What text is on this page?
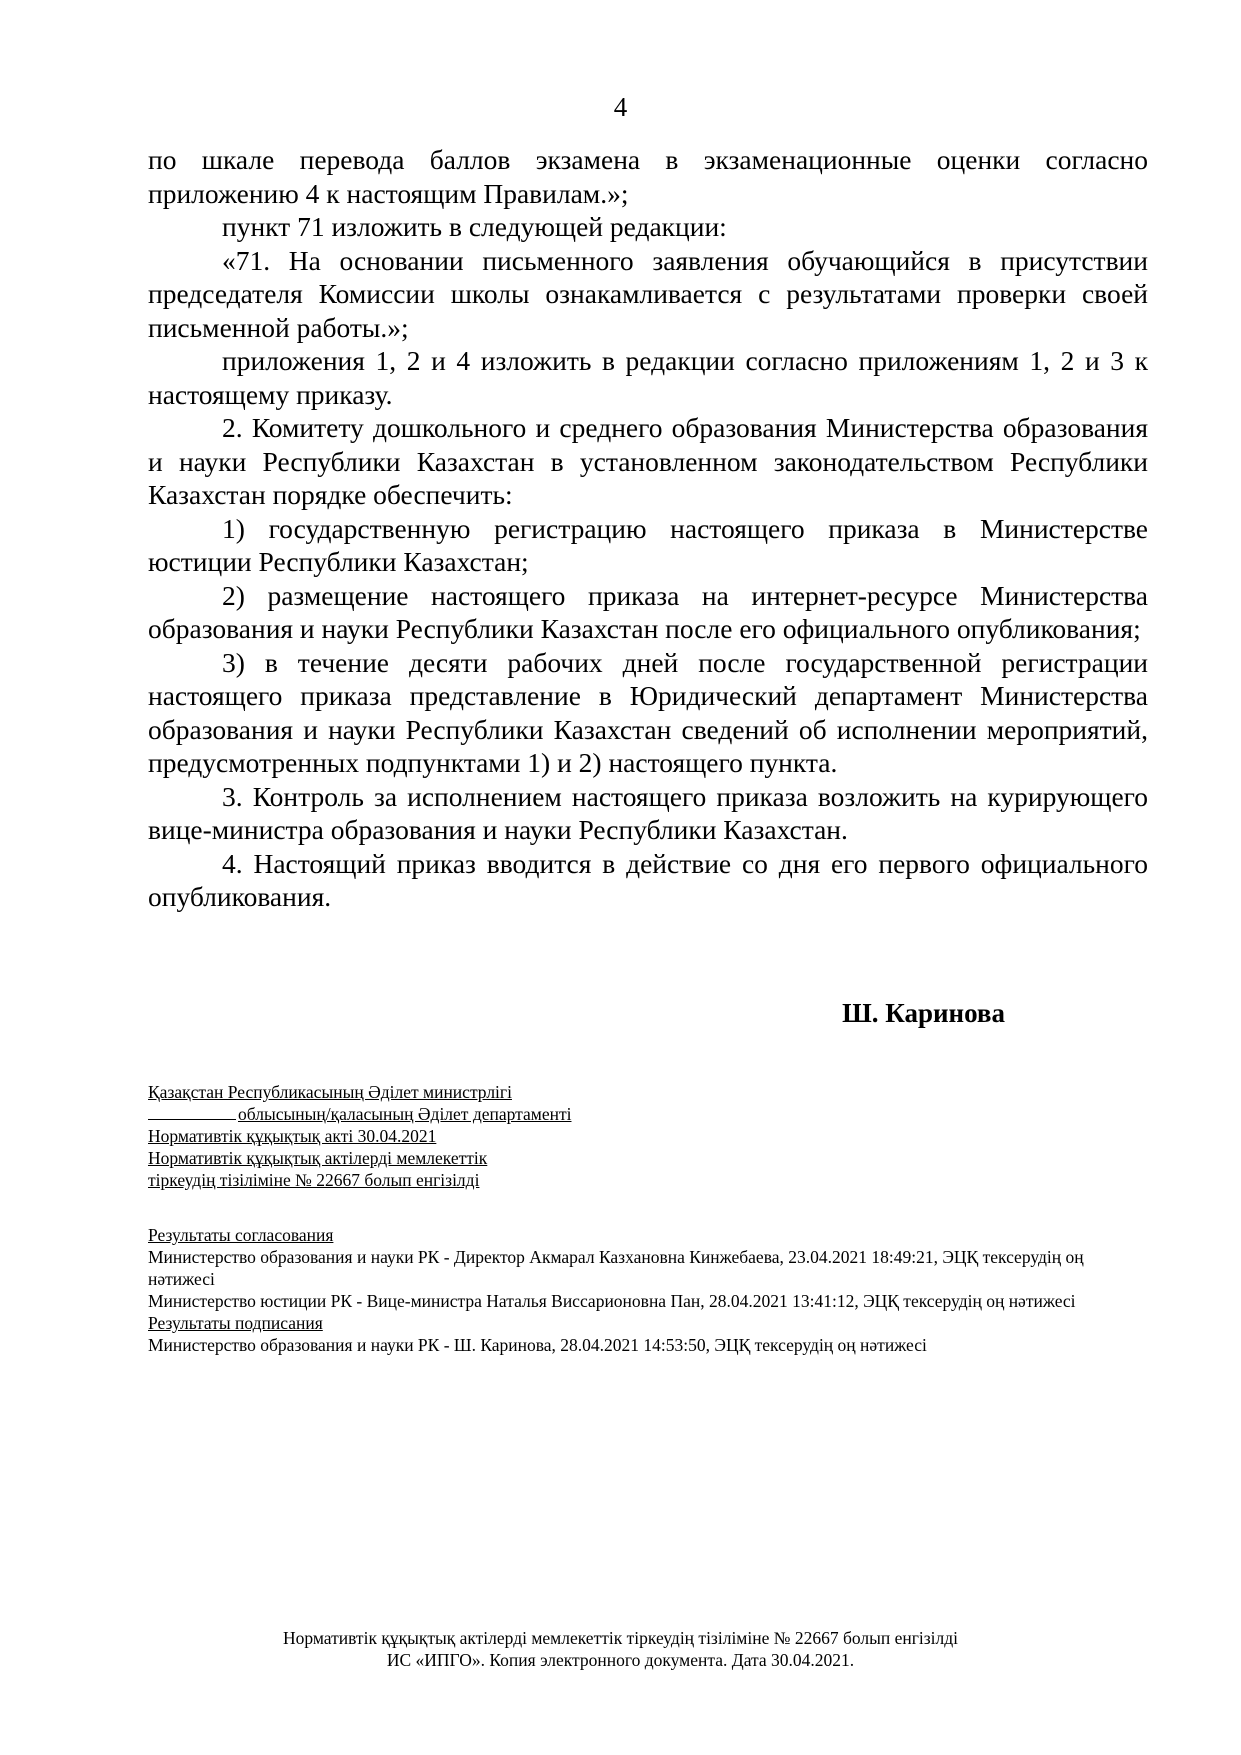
4

по шкале перевода баллов экзамена в экзаменационные оценки согласно приложению 4 к настоящим Правилам.»;

пункт 71 изложить в следующей редакции:

«71. На основании письменного заявления обучающийся в присутствии председателя Комиссии школы ознакамливается с результатами проверки своей письменной работы.»;

приложения 1, 2 и 4 изложить в редакции согласно приложениям 1, 2 и 3 к настоящему приказу.

2. Комитету дошкольного и среднего образования Министерства образования и науки Республики Казахстан в установленном законодательством Республики Казахстан порядке обеспечить:

1) государственную регистрацию настоящего приказа в Министерстве юстиции Республики Казахстан;

2) размещение настоящего приказа на интернет-ресурсе Министерства образования и науки Республики Казахстан после его официального опубликования;

3) в течение десяти рабочих дней после государственной регистрации настоящего приказа представление в Юридический департамент Министерства образования и науки Республики Казахстан сведений об исполнении мероприятий, предусмотренных подпунктами 1) и 2) настоящего пункта.

3. Контроль за исполнением настоящего приказа возложить на курирующего вице-министра образования и науки Республики Казахстан.

4. Настоящий приказ вводится в действие со дня его первого официального опубликования.

Ш. Каринова
Қазақстан Республикасының Әділет министрлігі
облысының/қаласының Әділет департаменті
Нормативтік құқықтық акті 30.04.2021
Нормативтік құқықтық актілерді мемлекеттік
тіркеудің тізіліміне № 22667 болып енгізілді
Результаты согласования
Министерство образования и науки РК - Директор Акмарал Казхановна Кинжебаева, 23.04.2021 18:49:21, ЭЦҚ тексерудің оң нәтижесі
Министерство юстиции РК - Вице-министра Наталья Виссарионовна Пан, 28.04.2021 13:41:12, ЭЦҚ тексерудің оң нәтижесі
Результаты подписания
Министерство образования и науки РК - Ш. Каринова, 28.04.2021 14:53:50, ЭЦҚ тексерудің оң нәтижесі
Нормативтік құқықтық актілерді мемлекеттік тіркеудің тізіліміне № 22667 болып енгізілді
ИС «ИПГО». Копия электронного документа. Дата 30.04.2021.
